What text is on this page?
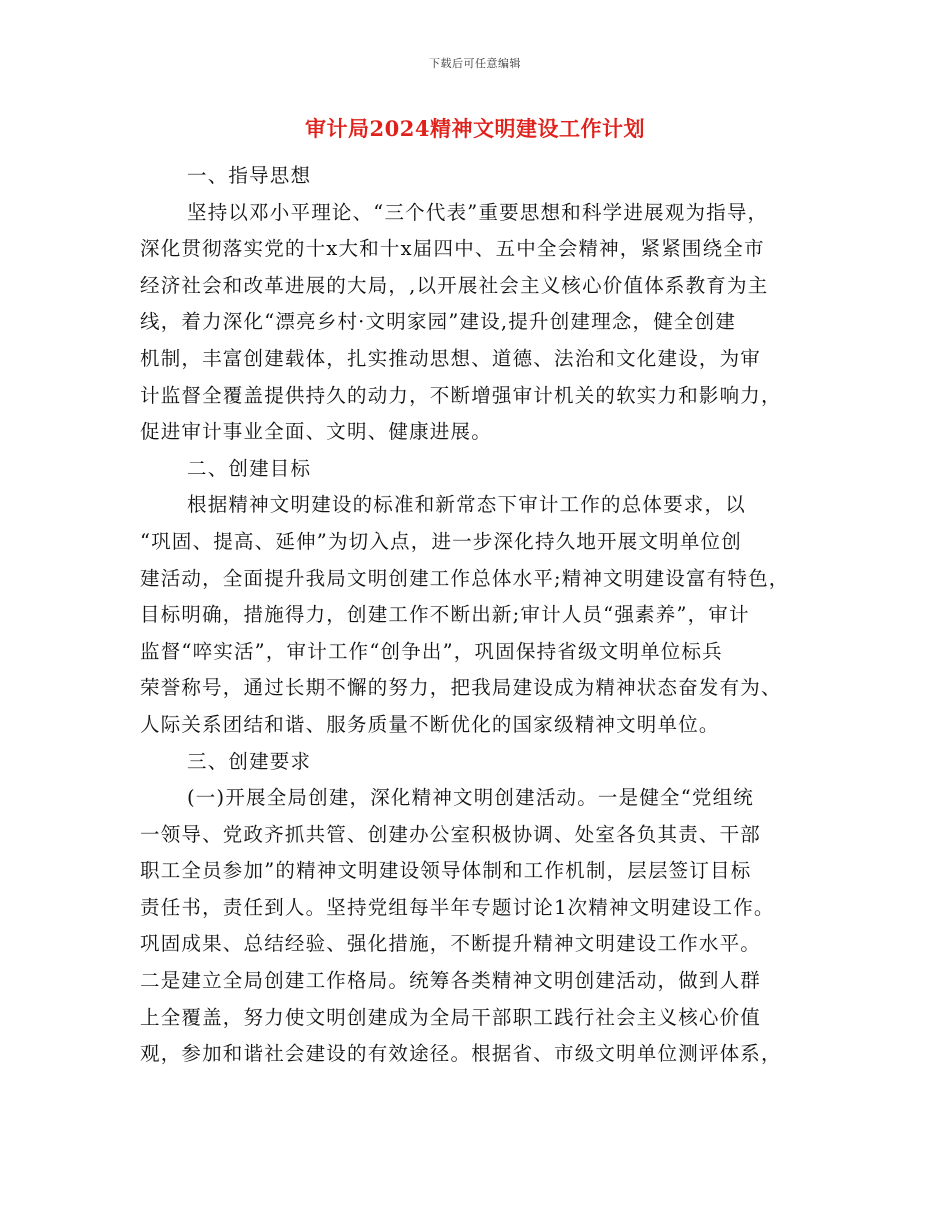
下载后可任意编辑
审计局2024精神文明建设工作计划
一、指导思想
坚持以邓小平理论、“三个代表”重要思想和科学进展观为指导，
深化贯彻落实党的十x大和十x届四中、五中全会精神，紧紧围绕全市
经济社会和改革进展的大局，,以开展社会主义核心价值体系教育为主
线，着力深化“漂亮乡村·文明家园”建设,提升创建理念，健全创建
机制，丰富创建载体，扎实推动思想、道德、法治和文化建设，为审
计监督全覆盖提供持久的动力，不断增强审计机关的软实力和影响力，
促进审计事业全面、文明、健康进展。
二、创建目标
根据精神文明建设的标准和新常态下审计工作的总体要求，以
“巩固、提高、延伸”为切入点，进一步深化持久地开展文明单位创
建活动，全面提升我局文明创建工作总体水平;精神文明建设富有特色，
目标明确，措施得力，创建工作不断出新;审计人员“强素养”，审计
监督“啐实活”，审计工作“创争出”，巩固保持省级文明单位标兵
荣誉称号，通过长期不懈的努力，把我局建设成为精神状态奋发有为、
人际关系团结和谐、服务质量不断优化的国家级精神文明单位。
三、创建要求
(一)开展全局创建，深化精神文明创建活动。一是健全“党组统
一领导、党政齐抓共管、创建办公室积极协调、处室各负其责、干部
职工全员参加”的精神文明建设领导体制和工作机制，层层签订目标
责任书，责任到人。坚持党组每半年专题讨论1次精神文明建设工作。
巩固成果、总结经验、强化措施，不断提升精神文明建设工作水平。
二是建立全局创建工作格局。统筹各类精神文明创建活动，做到人群
上全覆盖，努力使文明创建成为全局干部职工践行社会主义核心价值
观，参加和谐社会建设的有效途径。根据省、市级文明单位测评体系，
